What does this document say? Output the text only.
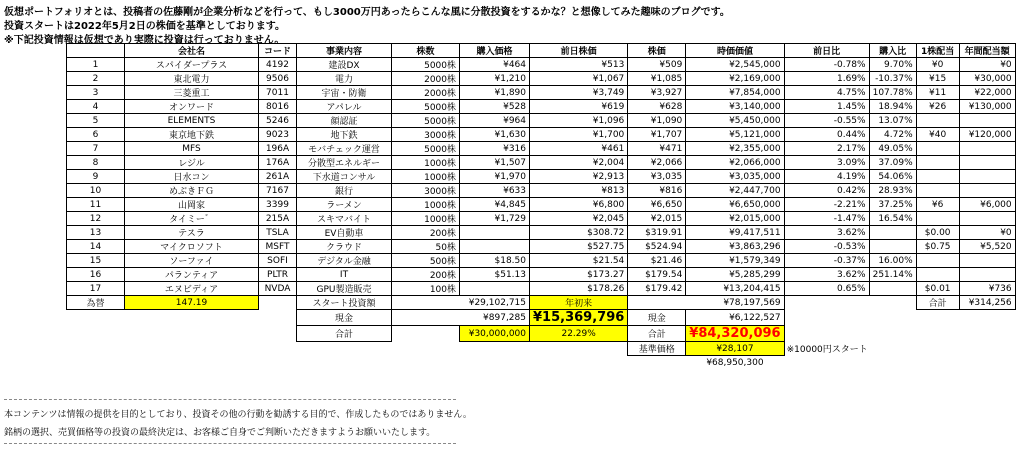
仮想ポートフォリオとは、投稿者の佐藤剛が企業分析などを行って、もし3000万円あったらこんな風に分散投資をするかな？と想像してみた趣味のブログです。
投資スタートは2022年5月2日の株価を基準としております。
※下記投資情報は仮想であり実際に投資は行っておりません。
	会社名	コード	事業内容	株数	購入価格	前日株価	株価	時価価値	前日比	購入比	1株配当	年間配当額
1	スパイダープラス	4192	建設DX	5000株	¥464	¥513	¥509	¥2,545,000	-0.78%	9.70%	¥0	¥0
2	東北電力	9506	電力	2000株	¥1,210	¥1,067	¥1,085	¥2,169,000	1.69%	-10.37%	¥15	¥30,000
3	三菱重工	7011	宇宙・防衛	2000株	¥1,890	¥3,749	¥3,927	¥7,854,000	4.75%	107.78%	¥11	¥22,000
4	オンワード	8016	アパレル	5000株	¥528	¥619	¥628	¥3,140,000	1.45%	18.94%	¥26	¥130,000
5	ELEMENTS	5246	顔認証	5000株	¥964	¥1,096	¥1,090	¥5,450,000	-0.55%	13.07%		
6	東京地下鉄	9023	地下鉄	3000株	¥1,630	¥1,700	¥1,707	¥5,121,000	0.44%	4.72%	¥40	¥120,000
7	MFS	196A	モバチェック運営	5000株	¥316	¥461	¥471	¥2,355,000	2.17%	49.05%		
8	レジル	176A	分散型エネルギー	1000株	¥1,507	¥2,004	¥2,066	¥2,066,000	3.09%	37.09%		
9	日水コン	261A	下水道コンサル	1000株	¥1,970	¥2,913	¥3,035	¥3,035,000	4.19%	54.06%		
10	めぶきＦＧ	7167	銀行	3000株	¥633	¥813	¥816	¥2,447,700	0.42%	28.93%		
11	山岡家	3399	ラーメン	1000株	¥4,845	¥6,800	¥6,650	¥6,650,000	-2.21%	37.25%	¥6	¥6,000
12	タイミー゛	215A	スキマバイト	1000株	¥1,729	¥2,045	¥2,015	¥2,015,000	-1.47%	16.54%		
13	テスラ	TSLA	EV自動車	200株		$308.72	$319.91	¥9,417,511	3.62%		$0.00	¥0
14	マイクロソフト	MSFT	クラウド	50株		$527.75	$524.94	¥3,863,296	-0.53%		$0.75	¥5,520
15	ソーファイ	SOFI	デジタル金融	500株	$18.50	$21.54	$21.46	¥1,579,349	-0.37%	16.00%		
16	パランティア	PLTR	IT	200株	$51.13	$173.27	$179.54	¥5,285,299	3.62%	251.14%		
17	エヌビディア	NVDA	GPU製造販売	100株		$178.26	$179.42	¥13,204,415	0.65%		$0.01	¥736
為替	147.19		スタート投資額	¥29,102,715		年初来	¥78,197,569				合計	¥314,256
			現金	¥897,285		¥15,369,796	現金	¥6,122,527				
			合計		¥30,000,000	22.29%	合計	¥84,320,096				
							基準価格	¥28,107	※10000円スタート			
								¥68,950,300				
本コンテンツは情報の提供を目的としており、投資その他の行動を勧誘する目的で、作成したものではありません。
銘柄の選択、売買価格等の投資の最終決定は、お客様ご自身でご判断いただきますようお願いいたします。
